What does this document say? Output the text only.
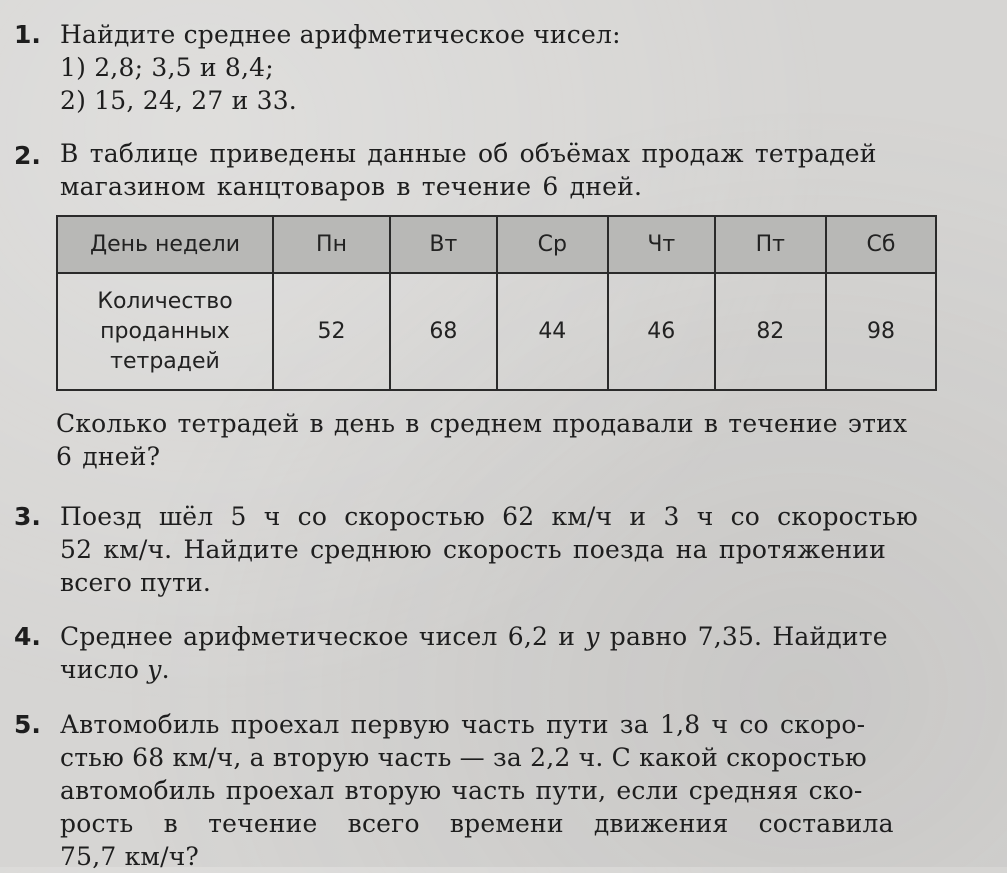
1. Найдите среднее арифметическое чисел:
1) 2,8; 3,5 и 8,4;
2) 15, 24, 27 и 33.
2. В таблице приведены данные об объёмах продаж тетрадей
магазином канцтоваров в течение 6 дней.
День недели	Пн	Вт	Ср	Чт	Пт	Сб

Количество
проданных
тетрадей	52	68	44	46	82	98
Сколько тетрадей в день в среднем продавали в течение этих
6 дней?
3. Поезд шёл 5 ч со скоростью 62 км/ч и 3 ч со скоростью
52 км/ч. Найдите среднюю скорость поезда на протяжении
всего пути.
4. Среднее арифметическое чисел 6,2 и y равно 7,35. Найдите
число y.
5. Автомобиль проехал первую часть пути за 1,8 ч со скоро-
стью 68 км/ч, а вторую часть — за 2,2 ч. С какой скоростью
автомобиль проехал вторую часть пути, если средняя ско-
рость в течение всего времени движения составила
75,7 км/ч?
